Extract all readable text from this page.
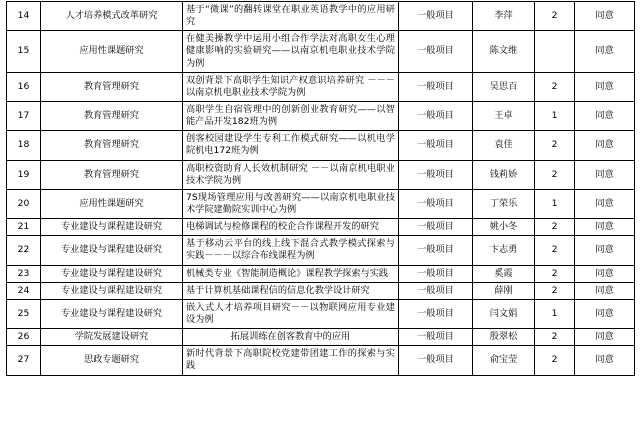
14	人才培养模式改革研究	基于“微课”的翻转课堂在职业英语教学中的应用研究	一般项目	李萍	2	同意
15	应用性课题研究	在健美操教学中运用小组合作学法对高职女生心理健康影响的实验研究——以南京机电职业技术学院为例	一般项目	陈文维		同意
16	教育管理研究	双创背景下高职学生知识产权意识培养研究 －－－以南京机电职业技术学院为例	一般项目	吴思百	2	同意
17	教育管理研究	高职学生自宿管理中的创新创业教育研究——以智能产品开发182班为例	一般项目	王卓	1	同意
18	教育管理研究	创客校园建设学生专利工作模式研究——以机电学院机电172班为例	一般项目	袁佳	2	同意
19	教育管理研究	高职校资助育人长效机制研究 －－以南京机电职业技术学院为例	一般项目	钱莉娇	2	同意
20	应用性课题研究	7S现场管理应用与改善研究——以南京机电职业技术学院建勤院实训中心为例	一般项目	丁荣乐	1	同意
21	专业建设与课程建设研究	电梯调试与检修课程的校企合作课程开发的研究	一般项目	姚小冬	2	同意
22	专业建设与课程建设研究	基于移动云平台的线上线下混合式教学模式探索与实践－－－以综合布线课程为例	一般项目	卞志勇	2	同意
23	专业建设与课程建设研究	机械类专业《智能制造概论》课程教学探索与实践	一般项目	奚霞	2	同意
24	专业建设与课程建设研究	基于计算机基础课程信的信息化教学设计研究	一般项目	薛刚	2	同意
25	专业建设与课程建设研究	嵌入式人才培养项目研究－－以物联网应用专业建设为例	一般项目	闫文娟	1	同意
26	学院发展建设研究	拓展训练在创客教育中的应用	一般项目	殷翠松	2	同意
27	思政专题研究	新时代背景下高职院校党建带团建工作的探索与实践	一般项目	俞宝莹	2	同意
